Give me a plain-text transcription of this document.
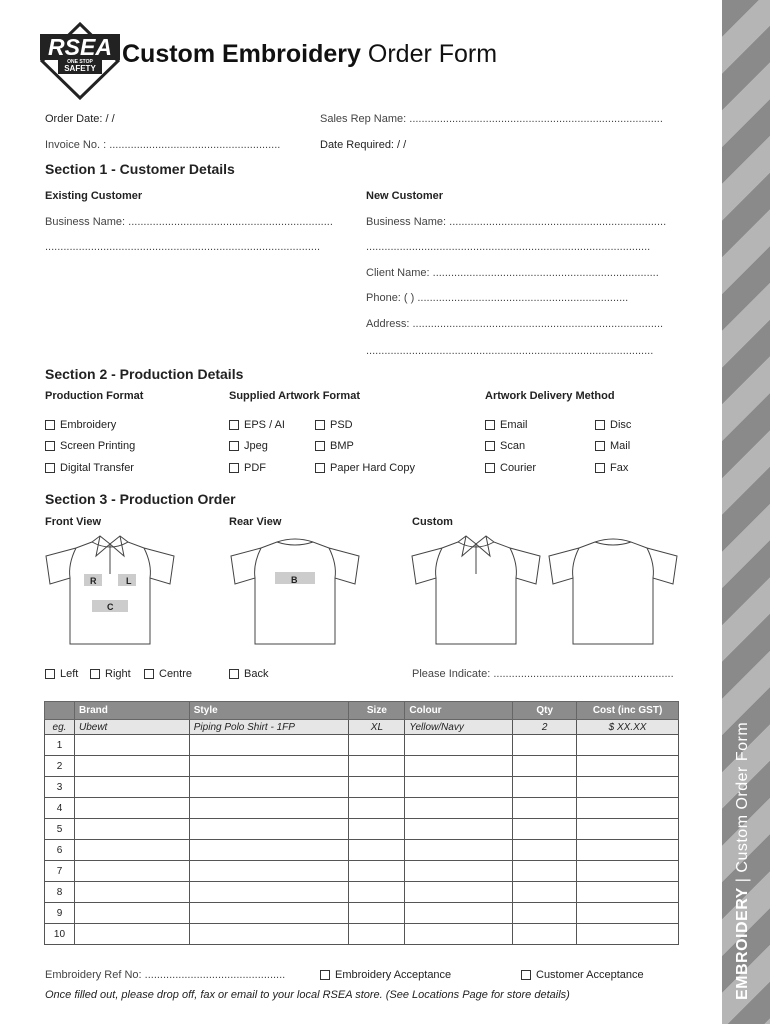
EMBROIDERY | Custom Order Form
RSEA
ONE STOP
SAFETY
Custom Embroidery Order Form
Order Date: / /	Sales Rep Name: ...................................................................................
Invoice No. : ........................................................	Date Required: / /
Section 1 - Customer Details
Existing Customer	New Customer
Business Name: ...................................................................
..........................................................................................
Business Name: .......................................................................
.............................................................................................
Client Name: ..........................................................................
Phone: ( ) .....................................................................
Address: ..................................................................................
..............................................................................................
Section 2 - Production Details
Production Format	Supplied Artwork Format	Artwork Delivery Method
Embroidery
Screen Printing
Digital Transfer
EPS / AI
Jpeg
PDF
PSD
BMP
Paper Hard Copy
Email
Scan
Courier
Disc
Mail
Fax
Section 3 - Production Order
Front View	Rear View	Custom
R	L
C
B
Left Right	Centre	Back	Please Indicate: ...........................................................
	Brand	Style	Size	Colour	Qty	Cost (inc GST)
eg.	Ubewt	Piping Polo Shirt - 1FP	XL	Yellow/Navy	2	$ XX.XX
1						
2						
3						
4						
5						
6						
7						
8						
9						
10						
Embroidery Ref No: ..............................................	Embroidery Acceptance	Customer Acceptance
Once filled out, please drop off, fax or email to your local RSEA store. (See Locations Page for store details)
